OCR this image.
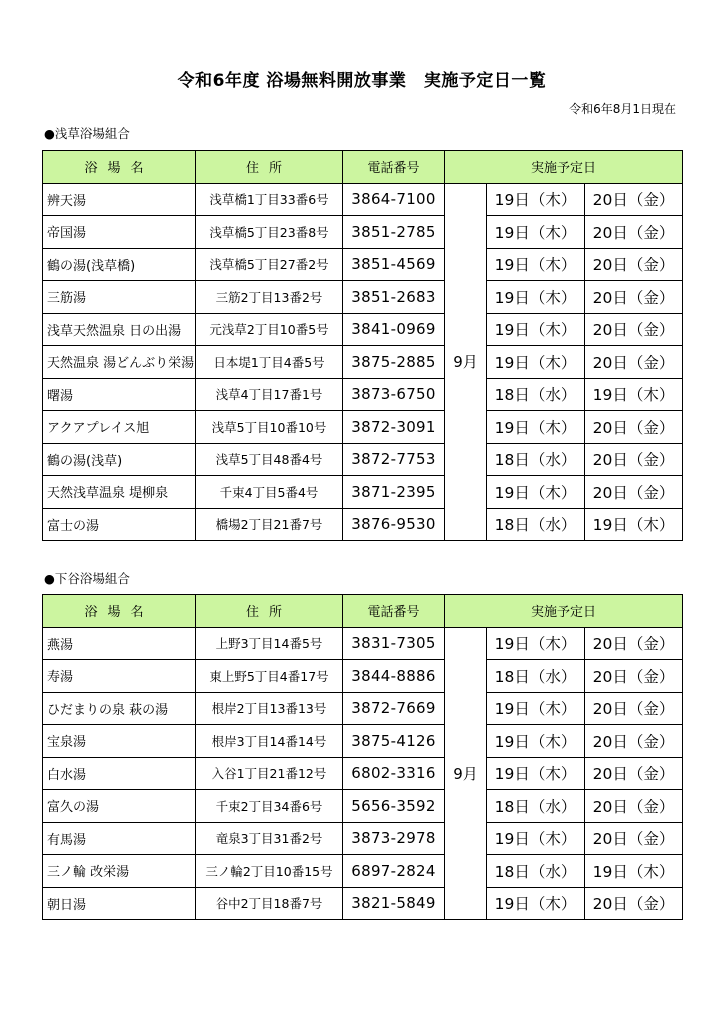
令和6年度 浴場無料開放事業　実施予定日一覧
令和6年8月1日現在
●浅草浴場組合
浴場名	住所	電話番号	実施予定日		
辨天湯	浅草橋1丁目33番6号	3864-7100	9月	19日（木）	20日（金）
帝国湯	浅草橋5丁目23番8号	3851-2785		19日（木）	20日（金）
鶴の湯(浅草橋)	浅草橋5丁目27番2号	3851-4569		19日（木）	20日（金）
三筋湯	三筋2丁目13番2号	3851-2683		19日（木）	20日（金）
浅草天然温泉 日の出湯	元浅草2丁目10番5号	3841-0969		19日（木）	20日（金）
天然温泉 湯どんぶり栄湯	日本堤1丁目4番5号	3875-2885		19日（木）	20日（金）
曙湯	浅草4丁目17番1号	3873-6750		18日（水）	19日（木）
アクアプレイス旭	浅草5丁目10番10号	3872-3091		19日（木）	20日（金）
鶴の湯(浅草)	浅草5丁目48番4号	3872-7753		18日（水）	20日（金）
天然浅草温泉 堤柳泉	千束4丁目5番4号	3871-2395		19日（木）	20日（金）
富士の湯	橋場2丁目21番7号	3876-9530		18日（水）	19日（木）
●下谷浴場組合
浴場名	住所	電話番号	実施予定日		
燕湯	上野3丁目14番5号	3831-7305	9月	19日（木）	20日（金）
寿湯	東上野5丁目4番17号	3844-8886		18日（水）	20日（金）
ひだまりの泉 萩の湯	根岸2丁目13番13号	3872-7669		19日（木）	20日（金）
宝泉湯	根岸3丁目14番14号	3875-4126		19日（木）	20日（金）
白水湯	入谷1丁目21番12号	6802-3316		19日（木）	20日（金）
富久の湯	千束2丁目34番6号	5656-3592		18日（水）	20日（金）
有馬湯	竜泉3丁目31番2号	3873-2978		19日（木）	20日（金）
三ノ輪 改栄湯	三ノ輪2丁目10番15号	6897-2824		18日（水）	19日（木）
朝日湯	谷中2丁目18番7号	3821-5849		19日（木）	20日（金）
